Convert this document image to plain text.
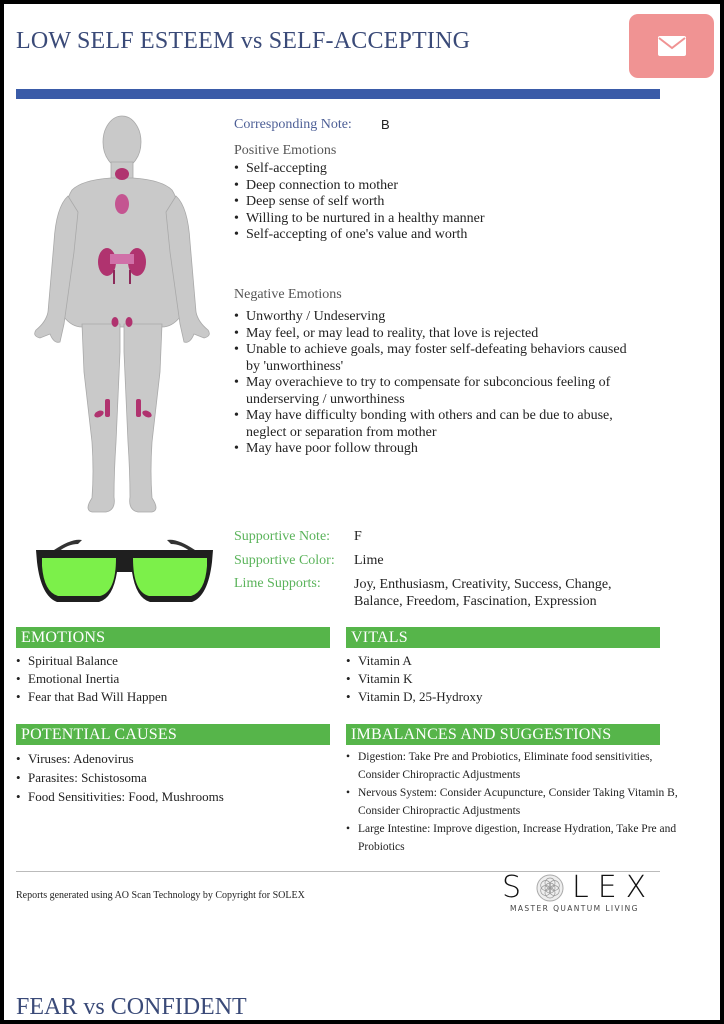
LOW SELF ESTEEM vs SELF-ACCEPTING
Corresponding Note: B
Positive Emotions
• Self-accepting
• Deep connection to mother
• Deep sense of self worth
• Willing to be nurtured in a healthy manner
• Self-accepting of one's value and worth
Negative Emotions
• Unworthy / Undeserving
• May feel, or may lead to reality, that love is rejected
• Unable to achieve goals, may foster self-defeating behaviors caused by 'unworthiness'
• May overachieve to try to compensate for subconcious feeling of underserving / unworthiness
• May have difficulty bonding with others and can be due to abuse, neglect or separation from mother
• May have poor follow through
Supportive Note: F
Supportive Color: Lime
Lime Supports:	Joy, Enthusiasm, Creativity, Success, Change, Balance, Freedom, Fascination, Expression
EMOTIONS
• Spiritual Balance
• Emotional Inertia
• Fear that Bad Will Happen
VITALS
• Vitamin A
• Vitamin K
• Vitamin D, 25-Hydroxy
POTENTIAL CAUSES
• Viruses: Adenovirus
• Parasites: Schistosoma
• Food Sensitivities: Food, Mushrooms
IMBALANCES AND SUGGESTIONS
• Digestion: Take Pre and Probiotics, Eliminate food sensitivities, Consider Chiropractic Adjustments
• Nervous System: Consider Acupuncture, Consider Taking Vitamin B, Consider Chiropractic Adjustments
• Large Intestine: Improve digestion, Increase Hydration, Take Pre and Probiotics
Reports generated using AO Scan Technology by Copyright for SOLEX	S LEX
MASTER QUANTUM LIVING
FEAR vs CONFIDENT
